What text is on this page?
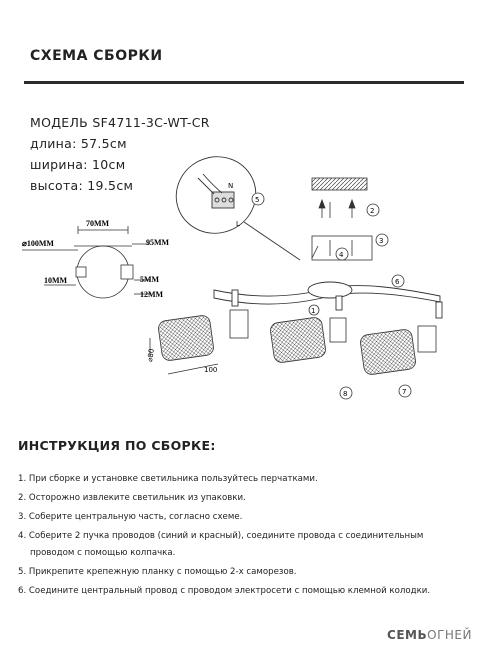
СХЕМА СБОРКИ
МОДЕЛЬ SF4711-3C-WT-CR
длина: 57.5см
ширина: 10см
высота: 19.5см
70MM
⌀100MM	95MM
10MM	5MM
12MM
N
L
1
2
3
4
5
6
7
8
⌀80
100
ИНСТРУКЦИЯ ПО СБОРКЕ:
1. При сборке и установке светильника пользуйтесь перчатками.
2. Осторожно извлеките светильник из упаковки.
3. Соберите центральную часть, согласно схеме.
4. Соберите 2 пучка проводов (синий и красный), соедините провода с соединительным
проводом с помощью колпачка.
5. Прикрепите крепежную планку с помощью 2-х саморезов.
6. Соедините центральный провод с проводом электросети с помощью клемной колодки.
СЕМЬОГНЕЙ
